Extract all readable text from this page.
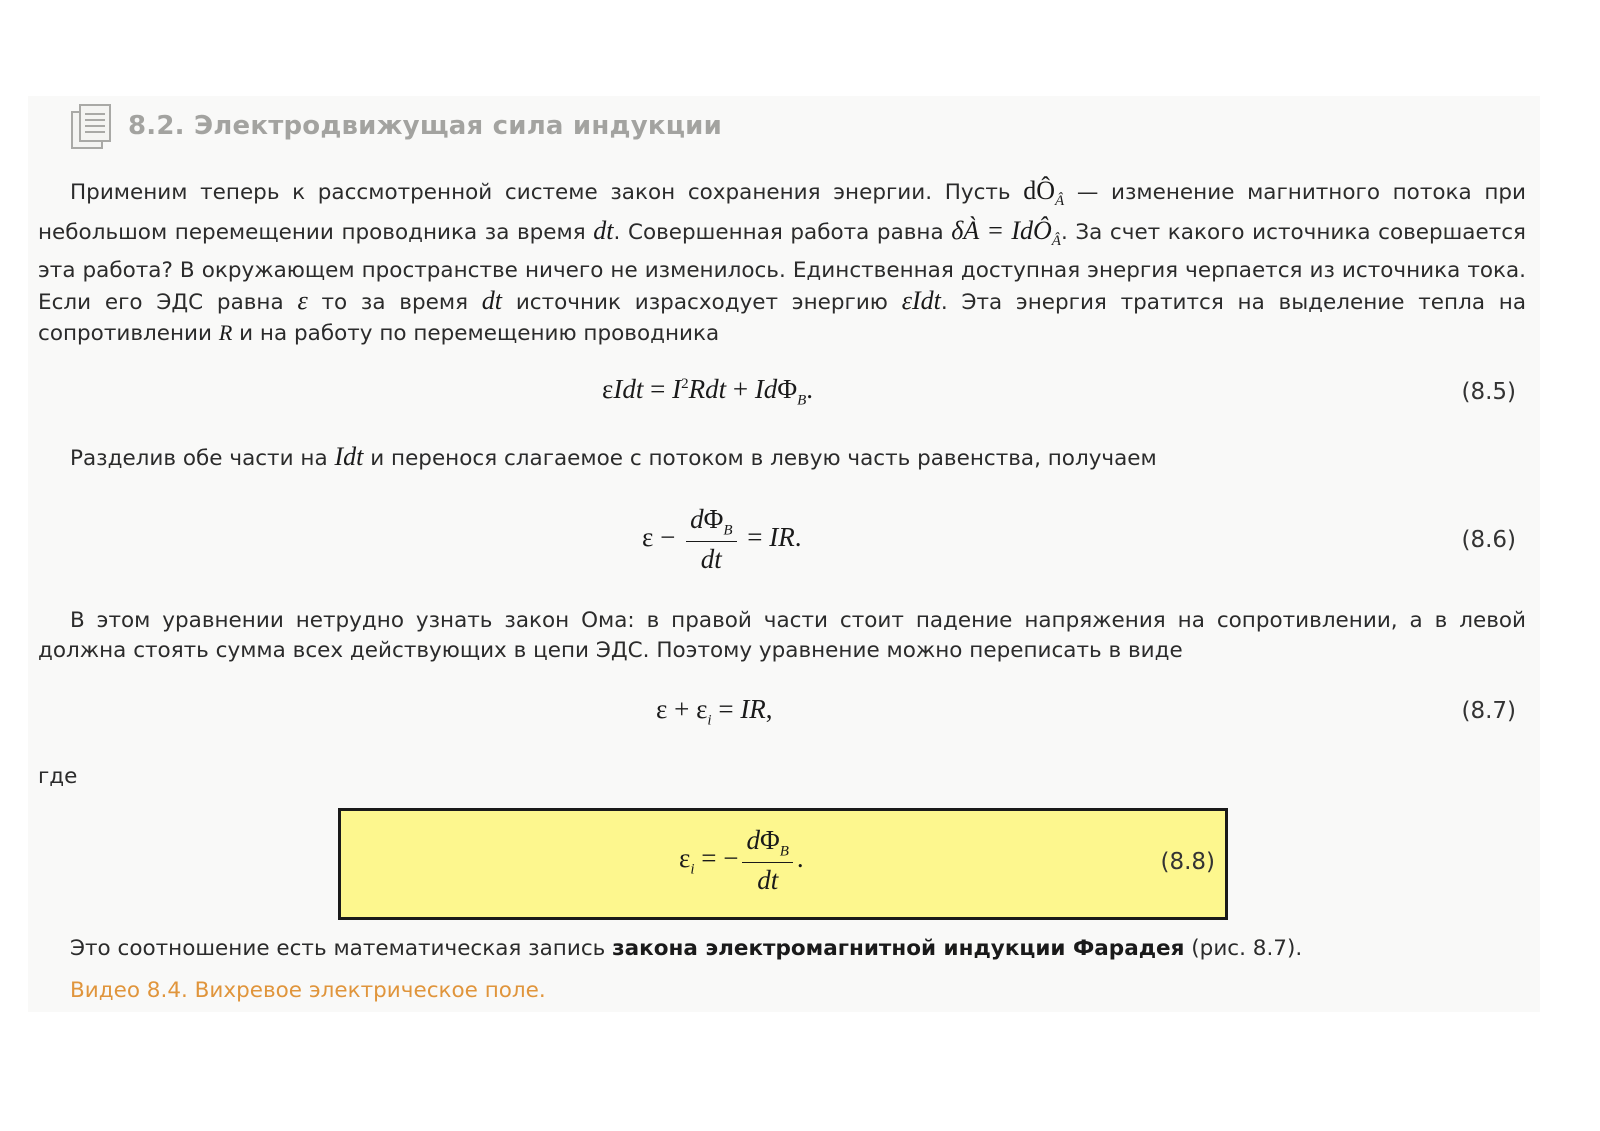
8.2. Электродвижущая сила индукции
Применим теперь к рассмотренной системе закон сохранения энергии. Пусть $dÔ_Â$ — изменение магнитного потока при небольшом перемещении проводника за время dt. Совершенная работа равна δÀ = IdÔ$_Â$. За счет какого источника совершается эта работа? В окружающем пространстве ничего не изменилось. Единственная доступная энергия черпается из источника тока. Если его ЭДС равна ε то за время dt источник израсходует энергию εIdt. Эта энергия тратится на выделение тепла на сопротивлении R и на работу по перемещению проводника
$\varepsilon Idt = I^2Rdt + Id\Phi_B$.	(8.5)
Разделив обе части на Idt и перенося слагаемое с потоком в левую часть равенства, получаем
$\varepsilon - \frac{d\Phi_B}{dt}$ = IR.	(8.6)
В этом уравнении нетрудно узнать закон Ома: в правой части стоит падение напряжения на сопротивлении, а в левой должна стоять сумма всех действующих в цепи ЭДС. Поэтому уравнение можно переписать в виде
$\varepsilon + \varepsilon_i$ = IR,	(8.7)
где
$\varepsilon_i$ = − $\frac{d\Phi_B}{dt}$ .	(8.8)
Это соотношение есть математическая запись закона электромагнитной индукции Фарадея (рис. 8.7).
Видео 8.4. Вихревое электрическое поле.
